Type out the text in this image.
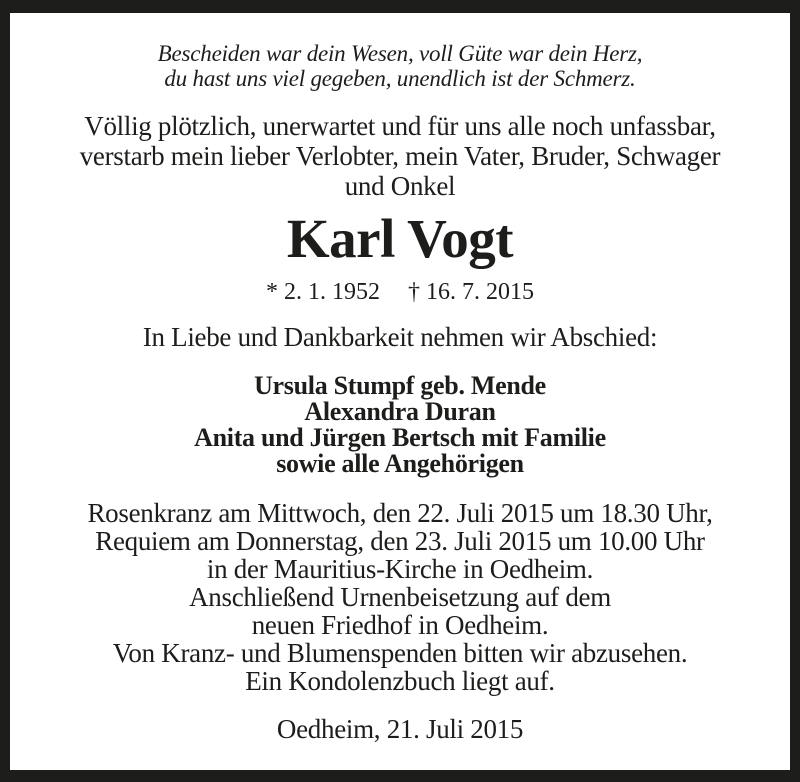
Bescheiden war dein Wesen, voll Güte war dein Herz,
du hast uns viel gegeben, unendlich ist der Schmerz.
Völlig plötzlich, unerwartet und für uns alle noch unfassbar,
verstarb mein lieber Verlobter, mein Vater, Bruder, Schwager
und Onkel
Karl Vogt
* 2. 1. 1952 † 16. 7. 2015
In Liebe und Dankbarkeit nehmen wir Abschied:
Ursula Stumpf geb. Mende
Alexandra Duran
Anita und Jürgen Bertsch mit Familie
sowie alle Angehörigen
Rosenkranz am Mittwoch, den 22. Juli 2015 um 18.30 Uhr,
Requiem am Donnerstag, den 23. Juli 2015 um 10.00 Uhr
in der Mauritius-Kirche in Oedheim.
Anschließend Urnenbeisetzung auf dem
neuen Friedhof in Oedheim.
Von Kranz- und Blumenspenden bitten wir abzusehen.
Ein Kondolenzbuch liegt auf.
Oedheim, 21. Juli 2015
